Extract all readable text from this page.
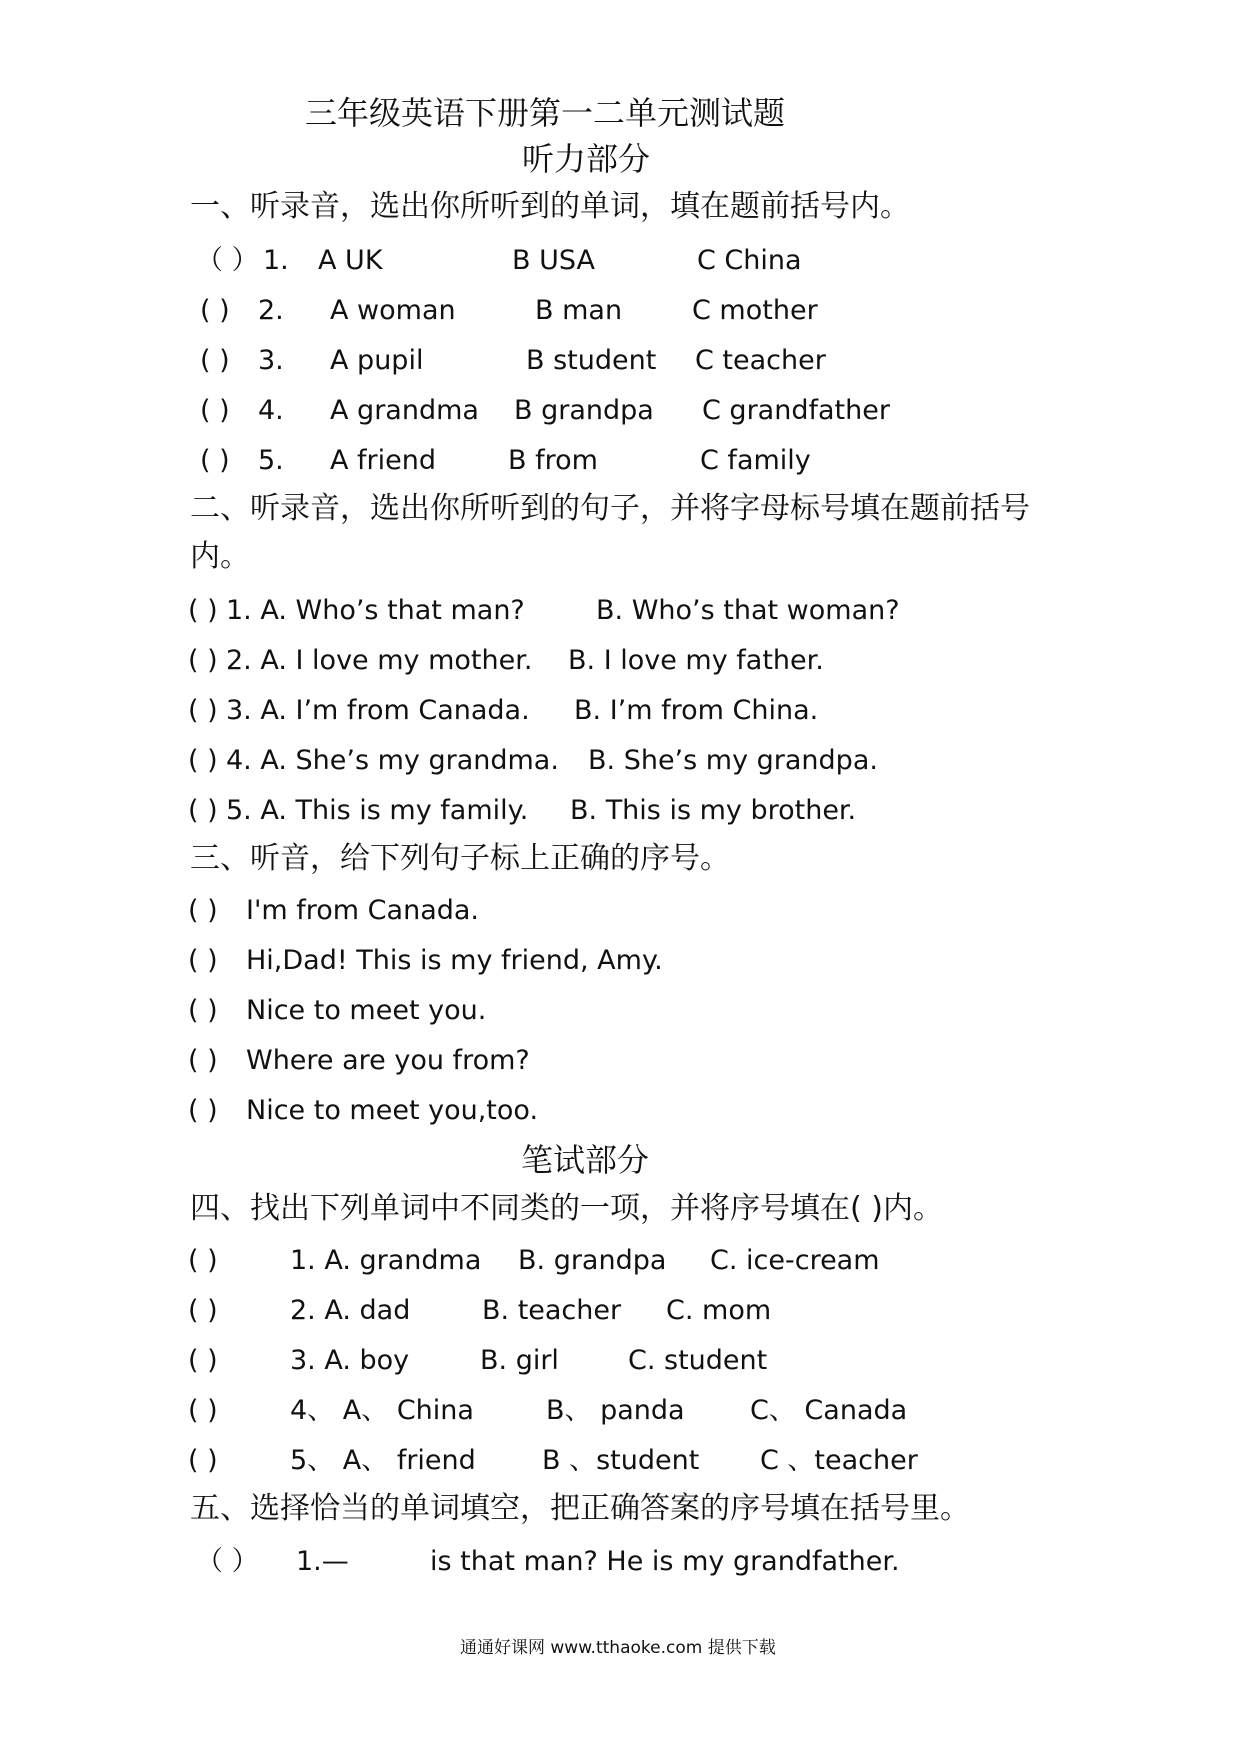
三年级英语下册第一二单元测试题
听力部分
一、听录音，选出你所听到的单词，填在题前括号内。
（ ） 1. A UK	B USA	C China
( ) 2. A woman	B man	C mother
( ) 3. A pupil	B student C teacher
( ) 4. A grandma B grandpa C grandfather
( ) 5. A friend	B from	C family
二、听录音，选出你所听到的句子，并将字母标号填在题前括号
内。
( ) 1. A. Who’s that man?	B. Who’s that woman?
( ) 2. A. I love my mother. B. I love my father.
( ) 3. A. I’m from Canada. B. I’m from China.
( ) 4. A. She’s my grandma. B. She’s my grandpa.
( ) 5. A. This is my family. B. This is my brother.
三、听音，给下列句子标上正确的序号。
( ) I'm from Canada.
( ) Hi,Dad! This is my friend, Amy.
( ) Nice to meet you.
( ) Where are you from?
( ) Nice to meet you,too.
笔试部分
四、找出下列单词中不同类的一项，并将序号填在( )内。
( )	1. A. grandma B. grandpa C. ice-cream
( )	2. A. dad	B. teacher C. mom
( )	3. A. boy	B. girl	C. student
( )	4、 A、 China	B、 panda C、 Canada
( )	5、 A、 friend B 、student C 、teacher
五、选择恰当的单词填空，把正确答案的序号填在括号里。
（ ） 1.—	is that man? He is my grandfather.
通通好课网 www.tthaoke.com 提供下载
